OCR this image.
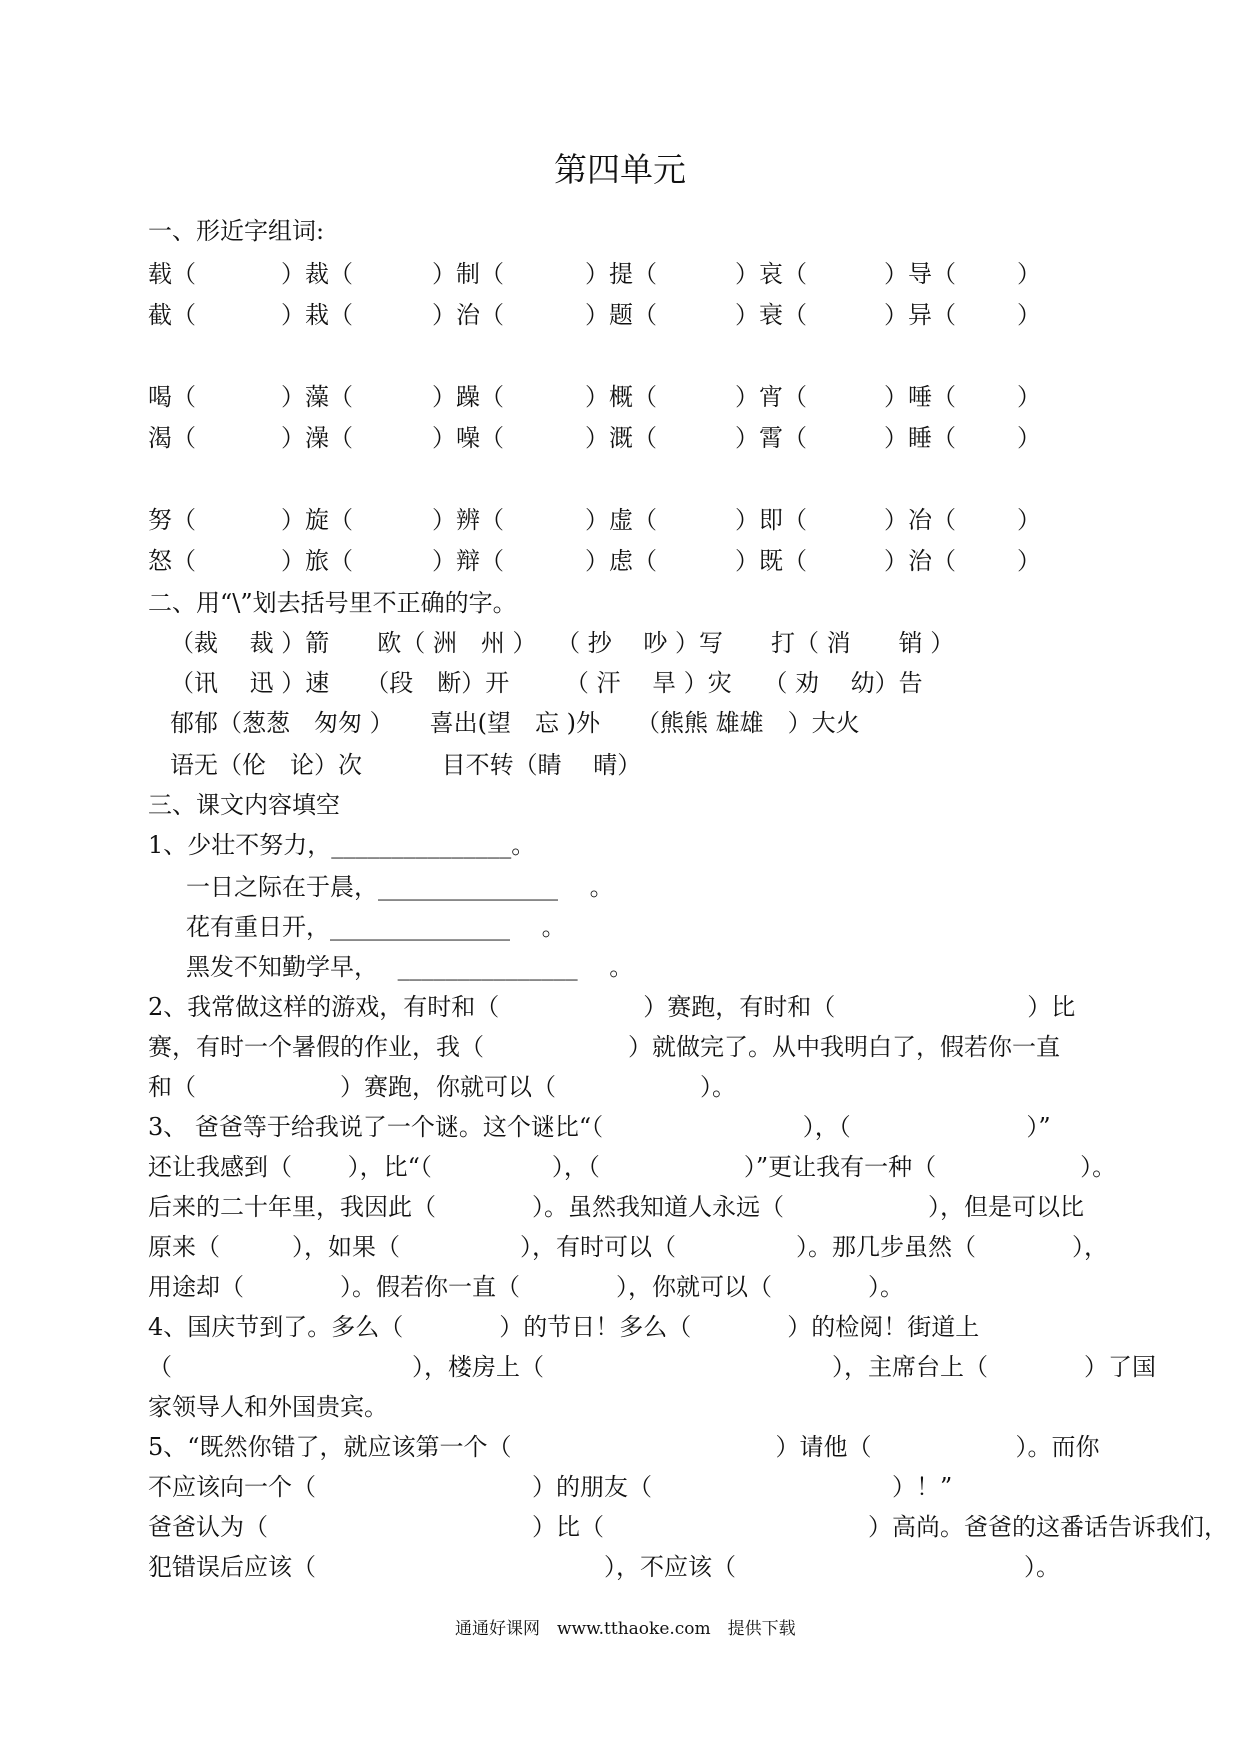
第四单元
一、形近字组词:
载（	）裁（	）制（	）提（	）哀（	）导（	）
截（	）栽（	）治（	）题（	）衰（	）异（	）
喝（	）藻（	）躁（	）概（	）宵（	）唾（	）
渴（	）澡（	）噪（	）溉（	）霄（	）睡（	）
努（	）旋（	）辨（	）虚（	）即（	）冶（	）
怒（	）旅（	）辩（	）虑（	）既（	）治（	）
二、用“\”划去括号里不正确的字。
（裁　 裁 ）箭　　欧（ 洲　州 ）　 （ 抄　 吵 ）写　　打（ 消　　销 ）
（讯　 迅 ）速　　（段　断）开　　 （ 汗　 旱 ）灾　 （ 劝　 幼）告
郁郁（葱葱　匆匆 ）　　喜出(望　忘 )外　　（熊熊 雄雄　）大火
语无（伦　论）次　　　 目不转（睛　 晴）
三、课文内容填空
1、少壮不努力，_______________。
一日之际在于晨，_______________　 。
花有重日开，_______________　 。
黑发不知勤学早，　 _______________　 。
2、我常做这样的游戏，有时和（　　　　　　）赛跑，有时和（　　　　　　　　）比
赛，有时一个暑假的作业，我（　　　　　　）就做完了。从中我明白了，假若你一直
和（　　　　　　）赛跑，你就可以（　　　　　　）。
3、 爸爸等于给我说了一个谜。这个谜比“（　　　　　　　　 ），（　　　　　　　 ）”
还让我感到（　　 ），比“（　　　　　），（　　　　　　）”更让我有一种（　　　　　　）。
后来的二十年里，我因此（　　　　）。虽然我知道人永远（　　　　　　），但是可以比
原来（　　　），如果（　　　　　），有时可以（　　　　　）。那几步虽然（　　　　），
用途却（　　　　）。假若你一直（　　　　），你就可以（　　　　）。
4、国庆节到了。多么（　　　　）的节日！多么（　　　　）的检阅！街道上
（　　　　　　　　　　），楼房上（　　　　　　　　　　　　），主席台上（　　　　）了国
家领导人和外国贵宾。
5、“既然你错了，就应该第一个（　　　　　　　　　　　）请他（　　　　　　）。而你
不应该向一个（　　　　　　　　　）的朋友（　　　　　　　　　　）！”
爸爸认为（　　　　　　　　　　　）比（　　　　　　　　　　　）高尚。爸爸的这番话告诉我们，
犯错误后应该（　　　　　　　　　　　　），不应该（　　　　　　　　　　　　）。
通通好课网　www.tthaoke.com　提供下载
